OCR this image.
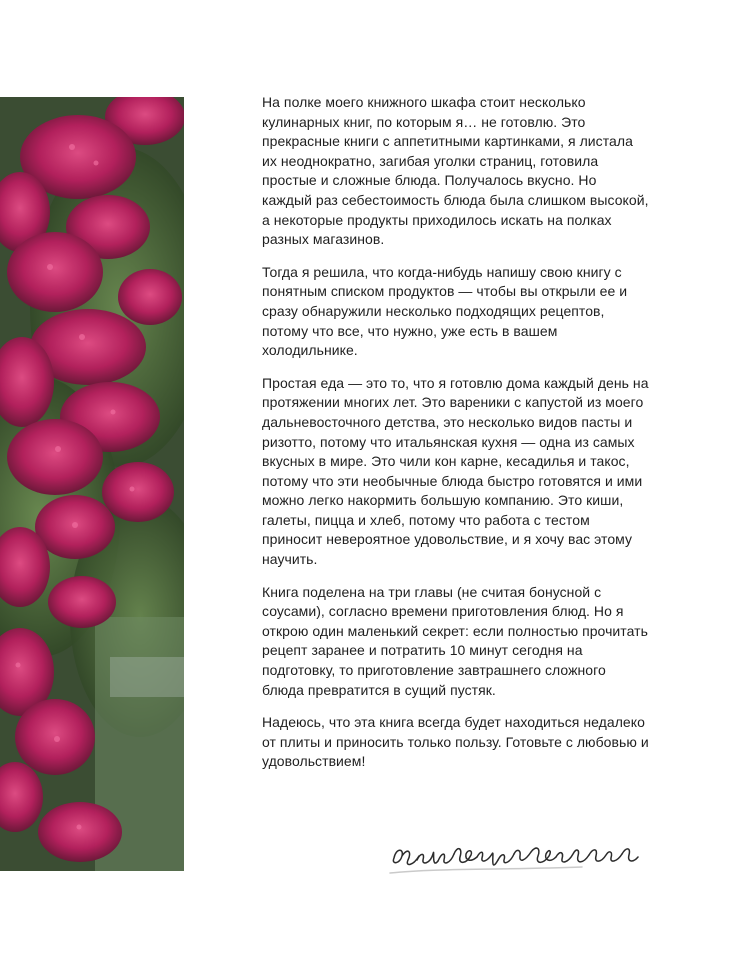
На полке моего книжного шкафа стоит несколько кулинарных книг, по которым я… не готовлю. Это прекрасные книги с аппетитными картинками, я листала их неоднократно, загибая уголки страниц, готовила простые и сложные блюда. Получалось вкусно. Но каждый раз себестоимость блюда была слишком высокой, а некоторые продукты приходилось искать на полках разных магазинов.

Тогда я решила, что когда-нибудь напишу свою книгу с понятным списком продуктов — чтобы вы открыли ее и сразу обнаружили несколько подходящих рецептов, потому что все, что нужно, уже есть в вашем холодильнике.

Простая еда — это то, что я готовлю дома каждый день на протяжении многих лет. Это вареники с капустой из моего дальневосточного детства, это несколько видов пасты и ризотто, потому что итальянская кухня — одна из самых вкусных в мире. Это чили кон карне, кесадилья и такос, потому что эти необычные блюда быстро готовятся и ими можно легко накормить большую компанию. Это киши, галеты, пицца и хлеб, потому что работа с тестом приносит невероятное удовольствие, и я хочу вас этому научить.

Книга поделена на три главы (не считая бонусной с соусами), согласно времени приготовления блюд. Но я открою один маленький секрет: если полностью прочитать рецепт заранее и потратить 10 минут сегодня на подготовку, то приготовление завтрашнего сложного блюда превратится в сущий пустяк.

Надеюсь, что эта книга всегда будет находиться недалеко от плиты и приносить только пользу. Готовьте с любовью и удовольствием!
